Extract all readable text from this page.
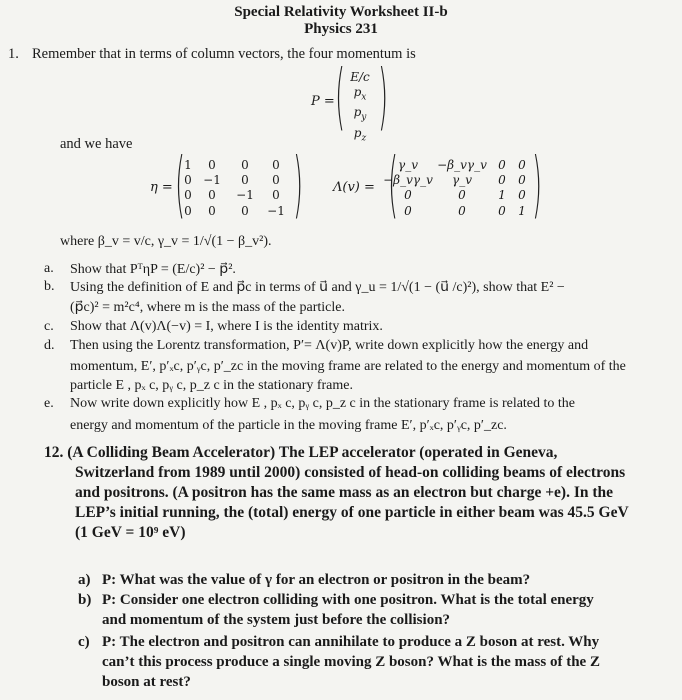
Special Relativity Worksheet II-b
Physics 231
1. Remember that in terms of column vectors, the four momentum is
P = ( )
E/c
$p_x$
$p_y$
$p_z$
and we have
η = ( )
1	0	0	0
0 −1	0	0
0	0	−1	0
0	0	0	−1
Λ(v) = ( )
γ_v	−β_vγ_v 0	0
−β_vγ_v	γ_v	0	0
0	0	1	0
0	0	0	1
where β_v = v/c, γ_v = 1/√(1 − β_v²).
a. Show that PᵀηP = (E/c)² − p⃗².
b. Using the definition of E and p⃗c in terms of u⃗ and γ_u = 1/√(1 − (u⃗ /c)²), show that E² −
(p⃗c)² = m²c⁴, where m is the mass of the particle.
c. Show that Λ(v)Λ(−v) = I, where I is the identity matrix.
d. Then using the Lorentz transformation, P′= Λ(v)P, write down explicitly how the energy and
momentum, E′, p′ₓc, p′ᵧc, p′_zc in the moving frame are related to the energy and momentum of the
particle E , pₓ c, pᵧ c, p_z c in the stationary frame.
e. Now write down explicitly how E , pₓ c, pᵧ c, p_z c in the stationary frame is related to the
energy and momentum of the particle in the moving frame E′, p′ₓc, p′ᵧc, p′_zc.
12. (A Colliding Beam Accelerator) The LEP accelerator (operated in Geneva,
Switzerland from 1989 until 2000) consisted of head-on colliding beams of electrons
and positrons. (A positron has the same mass as an electron but charge +e). In the
LEP’s initial running, the (total) energy of one particle in either beam was 45.5 GeV
(1 GeV = 10⁹ eV)
a) P: What was the value of γ for an electron or positron in the beam?
b) P: Consider one electron colliding with one positron. What is the total energy
and momentum of the system just before the collision?
c) P: The electron and positron can annihilate to produce a Z boson at rest. Why
can’t this process produce a single moving Z boson? What is the mass of the Z
boson at rest?
